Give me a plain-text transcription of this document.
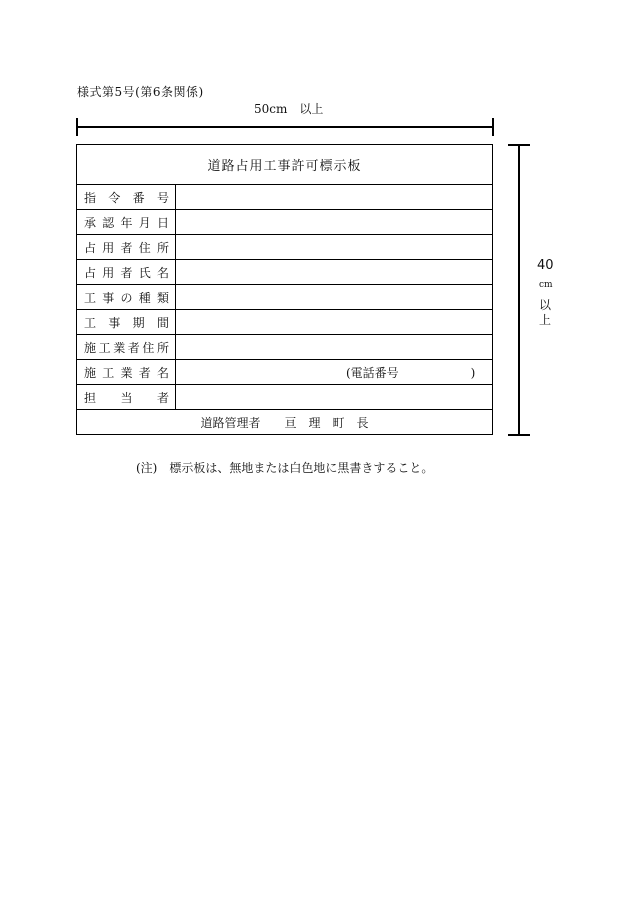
様式第5号(第6条関係)
50cm　以上
40
cm
以上
道路占用工事許可標示板
指令番号
承認年月日
占用者住所
占用者氏名
工事の種類
工事期間
施工業者住所
施工業者名	(電話番号　　　　　　)
担当者
道路管理者　　亘　理　町　長
(注)　標示板は、無地または白色地に黒書きすること。
